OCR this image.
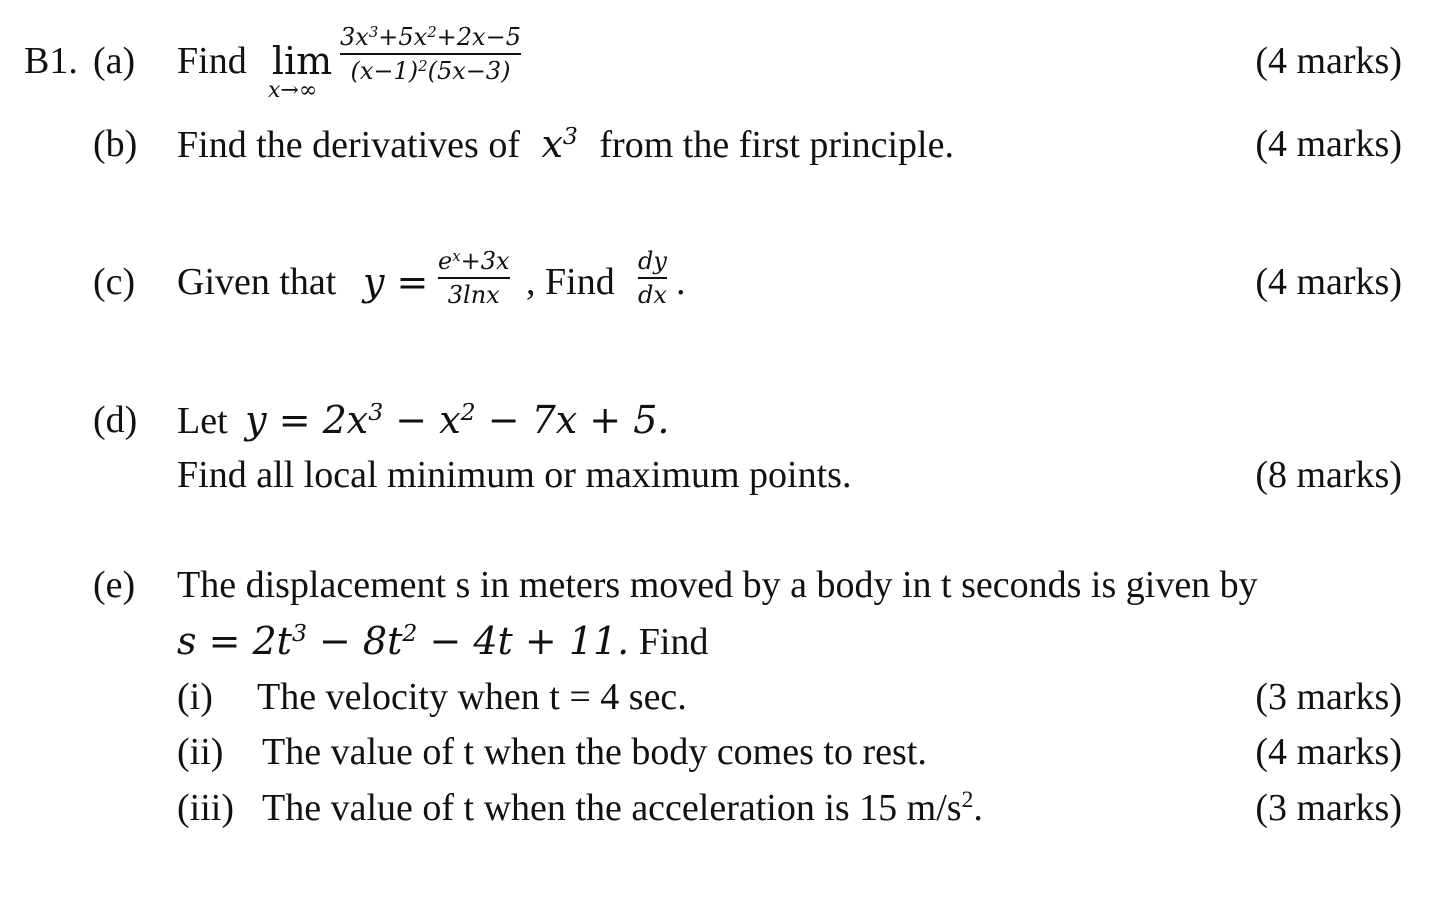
B1. (a) Find lim
x→∞
$3x^3+5x^2+2x-5$
$(x-1)^2(5x-3)$	(4 marks)
(b) Find the derivatives of $x^3$ from the first principle.	(4 marks)
(c) Given that $y = e^x+3x$
3lnx , Find dy
dx .	(4 marks)
(d) Let $y = 2x^3 - x^2 - 7x + 5$.
Find all local minimum or maximum points.	(8 marks)
(e) The displacement s in meters moved by a body in t seconds is given by
$s = 2t^3 - 8t^2 - 4t + 11$. Find
(i) The velocity when t = 4 sec.	(3 marks)
(ii) The value of t when the body comes to rest.	(4 marks)
(iii) The value of t when the acceleration is 15 $m/s^2$.	(3 marks)
